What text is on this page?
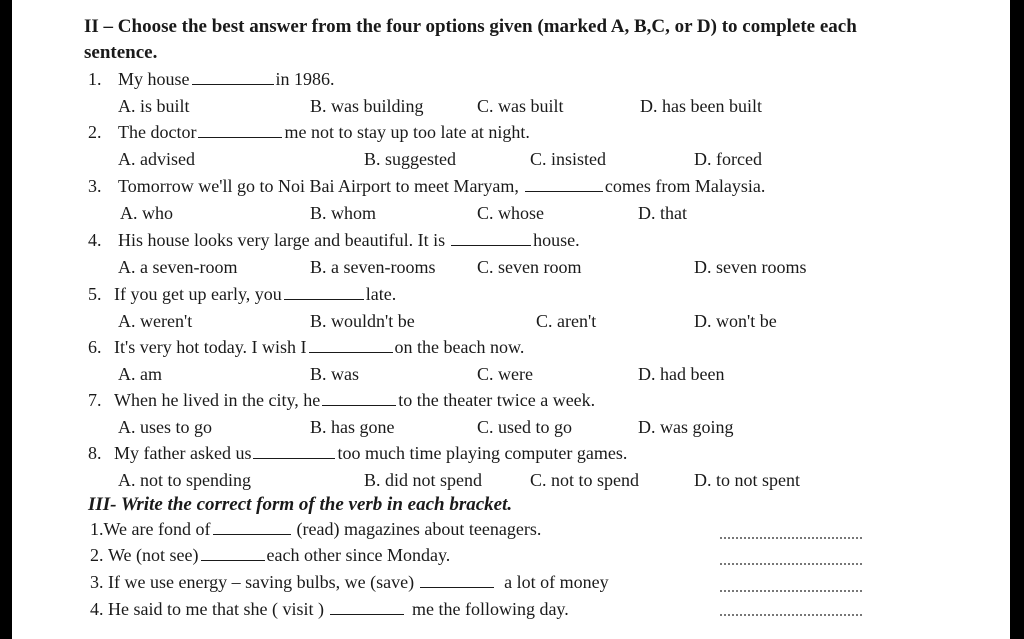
II – Choose the best answer from the four options given (marked A, B,C, or D) to complete each
sentence.
1. My house	in 1986.
A. is built	B. was building	C. was built	D. has been built
2. The doctor	me not to stay up too late at night.
A. advised	B. suggested	C. insisted	D. forced
3. Tomorrow we'll go to Noi Bai Airport to meet Maryam,	comes from Malaysia.
A. who	B. whom	C. whose	D. that
4. His house looks very large and beautiful. It is	house.
A. a seven-room	B. a seven-rooms C. seven room	D. seven rooms
5. If you get up early, you	late.
A. weren't	B. wouldn't be	C. aren't	D. won't be
6. It's very hot today. I wish I	on the beach now.
A. am	B. was	C. were	D. had been
7. When he lived in the city, he	to the theater twice a week.
A. uses to go	B. has gone	C. used to go	D. was going
8. My father asked us	too much time playing computer games.
A. not to spending	B. did not spend	C. not to spend	D. to not spent
III- Write the correct form of the verb in each bracket.
1.We are fond of	(read) magazines about teenagers.
2. We (not see)	each other since Monday.
3. If we use energy – saving bulbs, we (save)	a lot of money
4. He said to me that she ( visit )	me the following day.
